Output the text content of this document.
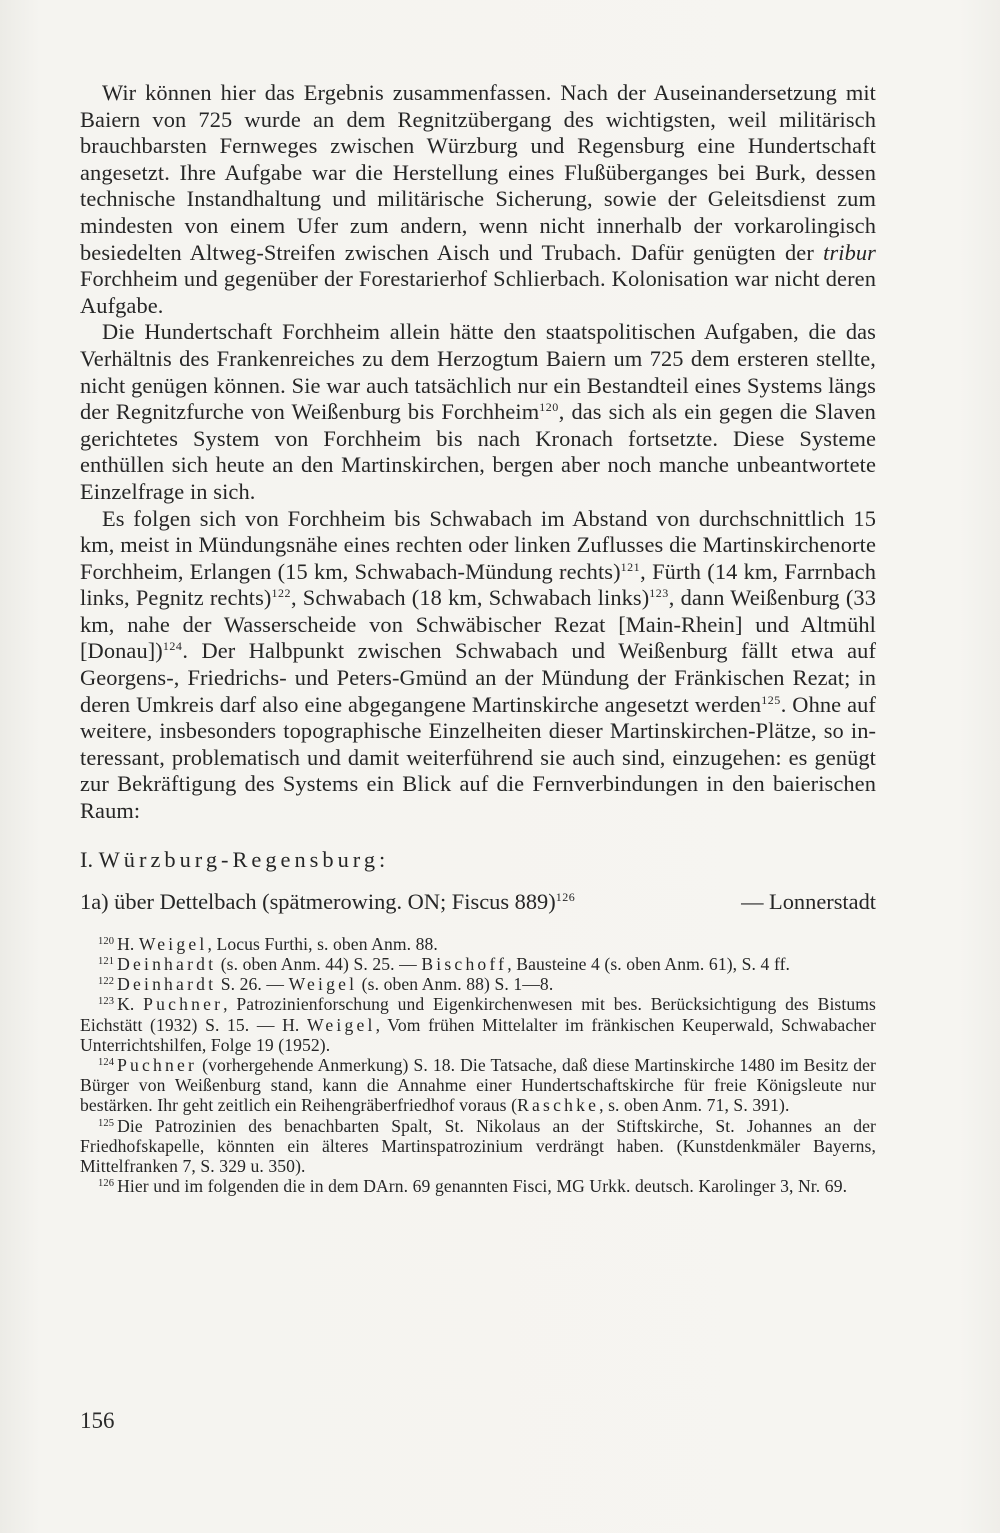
Wir können hier das Ergebnis zusammenfassen. Nach der Auseinandersetzung mit Baiern von 725 wurde an dem Regnitzübergang des wichtigsten, weil militärisch brauchbarsten Fernweges zwischen Würzburg und Regensburg eine Hundertschaft angesetzt. Ihre Aufgabe war die Herstellung eines Flußüberganges bei Burk, dessen technische Instandhaltung und militärische Sicherung, sowie der Geleitsdienst zum mindesten von einem Ufer zum andern, wenn nicht innerhalb der vorkarolingisch besiedelten Altweg-Streifen zwischen Aisch und Trubach. Dafür genügten der tribur Forchheim und gegenüber der Forestarierhof Schlierbach. Kolonisation war nicht deren Aufgabe.

Die Hundertschaft Forchheim allein hätte den staatspolitischen Aufgaben, die das Verhältnis des Frankenreiches zu dem Herzogtum Baiern um 725 dem ersteren stellte, nicht genügen können. Sie war auch tatsächlich nur ein Bestandteil eines Systems längs der Regnitzfurche von Weißenburg bis Forchheim$^{120}$, das sich als ein gegen die Slaven gerichtetes System von Forchheim bis nach Kronach fortsetzte. Diese Systeme enthüllen sich heute an den Martinskirchen, bergen aber noch manche unbeantwortete Einzelfrage in sich.

Es folgen sich von Forchheim bis Schwabach im Abstand von durchschnittlich 15 km, meist in Mündungsnähe eines rechten oder linken Zuflusses die Martinskirchenorte Forchheim, Erlangen (15 km, Schwabach-Mündung rechts)$^{121}$, Fürth (14 km, Farrnbach links, Pegnitz rechts)$^{122}$, Schwabach (18 km, Schwabach links)$^{123}$, dann Weißenburg (33 km, nahe der Wasserscheide von Schwäbischer Rezat [Main-Rhein] und Altmühl [Donau])$^{124}$. Der Halbpunkt zwischen Schwabach und Weißenburg fällt etwa auf Georgens-, Friedrichs- und Peters-Gmünd an der Mündung der Fränkischen Rezat; in deren Umkreis darf also eine abgegangene Martinskirche angesetzt werden$^{125}$. Ohne auf weitere, insbesonders topographische Einzelheiten dieser Martinskirchen-Plätze, so interessant, problematisch und damit weiterführend sie auch sind, einzugehen: es genügt zur Bekräftigung des Systems ein Blick auf die Fernverbindungen in den baierischen Raum:

I. Würzburg-Regensburg:

1a) über Dettelbach (spätmerowing. ON; Fiscus 889)$^{126}$	— Lonnerstadt

$^{120}$ H. Weigel, Locus Furthi, s. oben Anm. 88.

$^{121}$ Deinhardt (s. oben Anm. 44) S. 25. — Bischoff, Bausteine 4 (s. oben Anm. 61), S. 4 ff.

$^{122}$ Deinhardt S. 26. — Weigel (s. oben Anm. 88) S. 1—8.

$^{123}$ K. Puchner, Patrozinienforschung und Eigenkirchenwesen mit bes. Berücksichtigung des Bistums Eichstätt (1932) S. 15. — H. Weigel, Vom frühen Mittelalter im fränkischen Keuperwald, Schwabacher Unterrichtshilfen, Folge 19 (1952).

$^{124}$ Puchner (vorhergehende Anmerkung) S. 18. Die Tatsache, daß diese Martinskirche 1480 im Besitz der Bürger von Weißenburg stand, kann die Annahme einer Hundertschaftskirche für freie Königsleute nur bestärken. Ihr geht zeitlich ein Reihengräberfriedhof voraus (Raschke, s. oben Anm. 71, S. 391).

$^{125}$ Die Patrozinien des benachbarten Spalt, St. Nikolaus an der Stiftskirche, St. Johannes an der Friedhofskapelle, könnten ein älteres Martinspatrozinium verdrängt haben. (Kunstdenkmäler Bayerns, Mittelfranken 7, S. 329 u. 350).

$^{126}$ Hier und im folgenden die in dem DArn. 69 genannten Fisci, MG Urkk. deutsch. Karolinger 3, Nr. 69.

156
